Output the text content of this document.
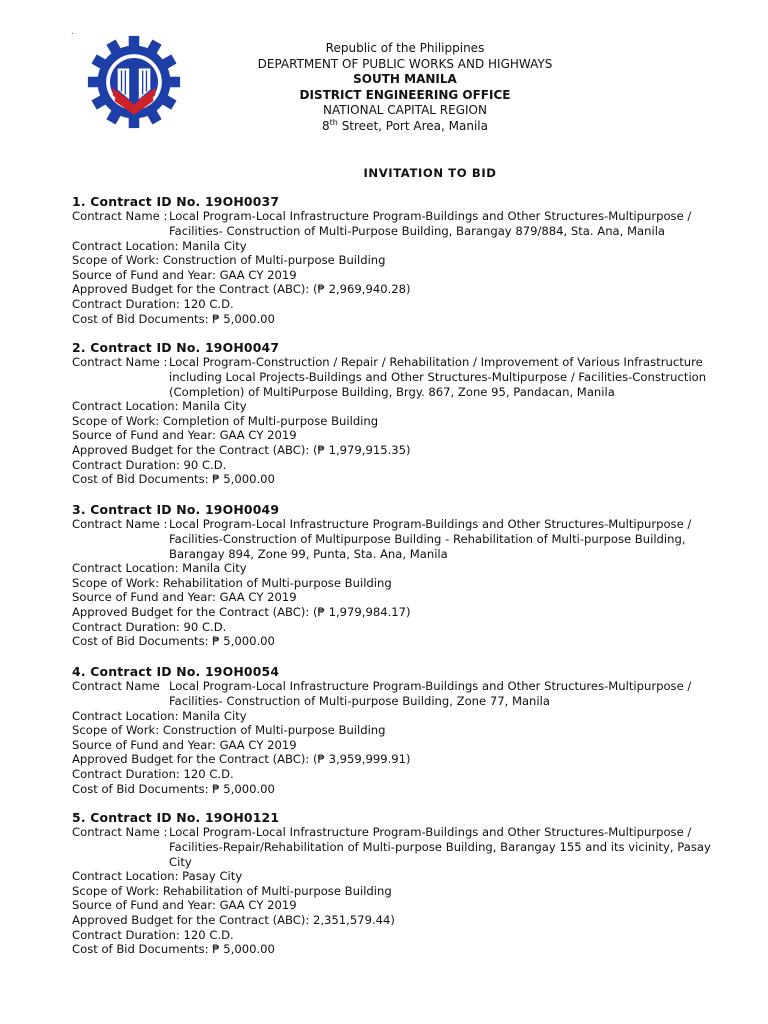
.
Republic of the Philippines
DEPARTMENT OF PUBLIC WORKS AND HIGHWAYS
SOUTH MANILA
DISTRICT ENGINEERING OFFICE
NATIONAL CAPITAL REGION
8th Street, Port Area, Manila
INVITATION TO BID
1. Contract ID No. 19OH0037
Contract Name : Local Program-Local Infrastructure Program-Buildings and Other Structures-Multipurpose /
Facilities- Construction of Multi-Purpose Building, Barangay 879/884, Sta. Ana, Manila
Contract Location: Manila City
Scope of Work: Construction of Multi-purpose Building
Source of Fund and Year: GAA CY 2019
Approved Budget for the Contract (ABC): (₱ 2,969,940.28)
Contract Duration: 120 C.D.
Cost of Bid Documents: ₱ 5,000.00
2. Contract ID No. 19OH0047
Contract Name : Local Program-Construction / Repair / Rehabilitation / Improvement of Various Infrastructure
including Local Projects-Buildings and Other Structures-Multipurpose / Facilities-Construction
(Completion) of MultiPurpose Building, Brgy. 867, Zone 95, Pandacan, Manila
Contract Location: Manila City
Scope of Work: Completion of Multi-purpose Building
Source of Fund and Year: GAA CY 2019
Approved Budget for the Contract (ABC): (₱ 1,979,915.35)
Contract Duration: 90 C.D.
Cost of Bid Documents: ₱ 5,000.00
3. Contract ID No. 19OH0049
Contract Name : Local Program-Local Infrastructure Program-Buildings and Other Structures-Multipurpose /
Facilities-Construction of Multipurpose Building - Rehabilitation of Multi-purpose Building,
Barangay 894, Zone 99, Punta, Sta. Ana, Manila
Contract Location: Manila City
Scope of Work: Rehabilitation of Multi-purpose Building
Source of Fund and Year: GAA CY 2019
Approved Budget for the Contract (ABC): (₱ 1,979,984.17)
Contract Duration: 90 C.D.
Cost of Bid Documents: ₱ 5,000.00
4. Contract ID No. 19OH0054
Contract Name Local Program-Local Infrastructure Program-Buildings and Other Structures-Multipurpose /
Facilities- Construction of Multi-purpose Building, Zone 77, Manila
Contract Location: Manila City
Scope of Work: Construction of Multi-purpose Building
Source of Fund and Year: GAA CY 2019
Approved Budget for the Contract (ABC): (₱ 3,959,999.91)
Contract Duration: 120 C.D.
Cost of Bid Documents: ₱ 5,000.00
5. Contract ID No. 19OH0121
Contract Name : Local Program-Local Infrastructure Program-Buildings and Other Structures-Multipurpose /
Facilities-Repair/Rehabilitation of Multi-purpose Building, Barangay 155 and its vicinity, Pasay
City
Contract Location: Pasay City
Scope of Work: Rehabilitation of Multi-purpose Building
Source of Fund and Year: GAA CY 2019
Approved Budget for the Contract (ABC): 2,351,579.44)
Contract Duration: 120 C.D.
Cost of Bid Documents: ₱ 5,000.00
